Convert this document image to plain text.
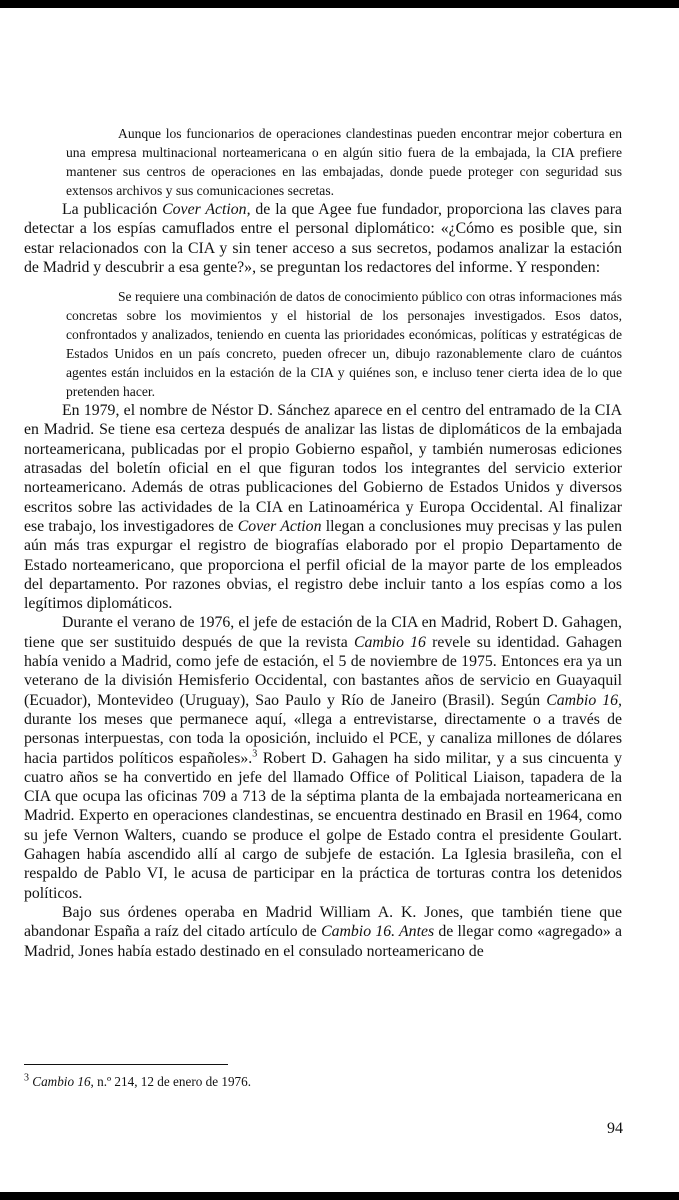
Aunque los funcionarios de operaciones clandestinas pueden encontrar mejor cobertura en una empresa multinacional norteamericana o en algún sitio fuera de la embajada, la CIA prefiere mantener sus centros de operaciones en las embajadas, donde puede proteger con seguridad sus extensos archivos y sus comunicaciones secretas.

La publicación Cover Action, de la que Agee fue fundador, proporciona las claves para detectar a los espías camuflados entre el personal diplomático: «¿Cómo es posible que, sin estar relacionados con la CIA y sin tener acceso a sus secretos, podamos analizar la estación de Madrid y descubrir a esa gente?», se preguntan los redactores del informe. Y responden:

Se requiere una combinación de datos de conocimiento público con otras informaciones más concretas sobre los movimientos y el historial de los personajes investigados. Esos datos, confrontados y analizados, teniendo en cuenta las prioridades económicas, políticas y estratégicas de Estados Unidos en un país concreto, pueden ofrecer un, dibujo razonablemente claro de cuántos agentes están incluidos en la estación de la CIA y quiénes son, e incluso tener cierta idea de lo que pretenden hacer.

En 1979, el nombre de Néstor D. Sánchez aparece en el centro del entramado de la CIA en Madrid. Se tiene esa certeza después de analizar las listas de diplomáticos de la embajada norteamericana, publicadas por el propio Gobierno español, y también numerosas ediciones atrasadas del boletín oficial en el que figuran todos los integrantes del servicio exterior norteamericano. Además de otras publicaciones del Gobierno de Estados Unidos y diversos escritos sobre las actividades de la CIA en Latinoamérica y Europa Occidental. Al finalizar ese trabajo, los investigadores de Cover Action llegan a conclusiones muy precisas y las pulen aún más tras expurgar el registro de biografías elaborado por el propio Departamento de Estado norteamericano, que proporciona el perfil oficial de la mayor parte de los empleados del departamento. Por razones obvias, el registro debe incluir tanto a los espías como a los legítimos diplomáticos.

Durante el verano de 1976, el jefe de estación de la CIA en Madrid, Robert D. Gahagen, tiene que ser sustituido después de que la revista Cambio 16 revele su identidad. Gahagen había venido a Madrid, como jefe de estación, el 5 de noviembre de 1975. Entonces era ya un veterano de la división Hemisferio Occidental, con bastantes años de servicio en Guayaquil (Ecuador), Montevideo (Uruguay), Sao Paulo y Río de Janeiro (Brasil). Según Cambio 16, durante los meses que permanece aquí, «llega a entrevistarse, directamente o a través de personas interpuestas, con toda la oposición, incluido el PCE, y canaliza millones de dólares hacia partidos políticos españoles».$^3$ Robert D. Gahagen ha sido militar, y a sus cincuenta y cuatro años se ha convertido en jefe del llamado Office of Political Liaison, tapadera de la CIA que ocupa las oficinas 709 a 713 de la séptima planta de la embajada norteamericana en Madrid. Experto en operaciones clandestinas, se encuentra destinado en Brasil en 1964, como su jefe Vernon Walters, cuando se produce el golpe de Estado contra el presidente Goulart. Gahagen había ascendido allí al cargo de subjefe de estación. La Iglesia brasileña, con el respaldo de Pablo VI, le acusa de participar en la práctica de torturas contra los detenidos políticos.

Bajo sus órdenes operaba en Madrid William A. K. Jones, que también tiene que abandonar España a raíz del citado artículo de Cambio 16. Antes de llegar como «agregado» a Madrid, Jones había estado destinado en el consulado norteamericano de

$^3$ Cambio 16, n.º 214, 12 de enero de 1976.
94
